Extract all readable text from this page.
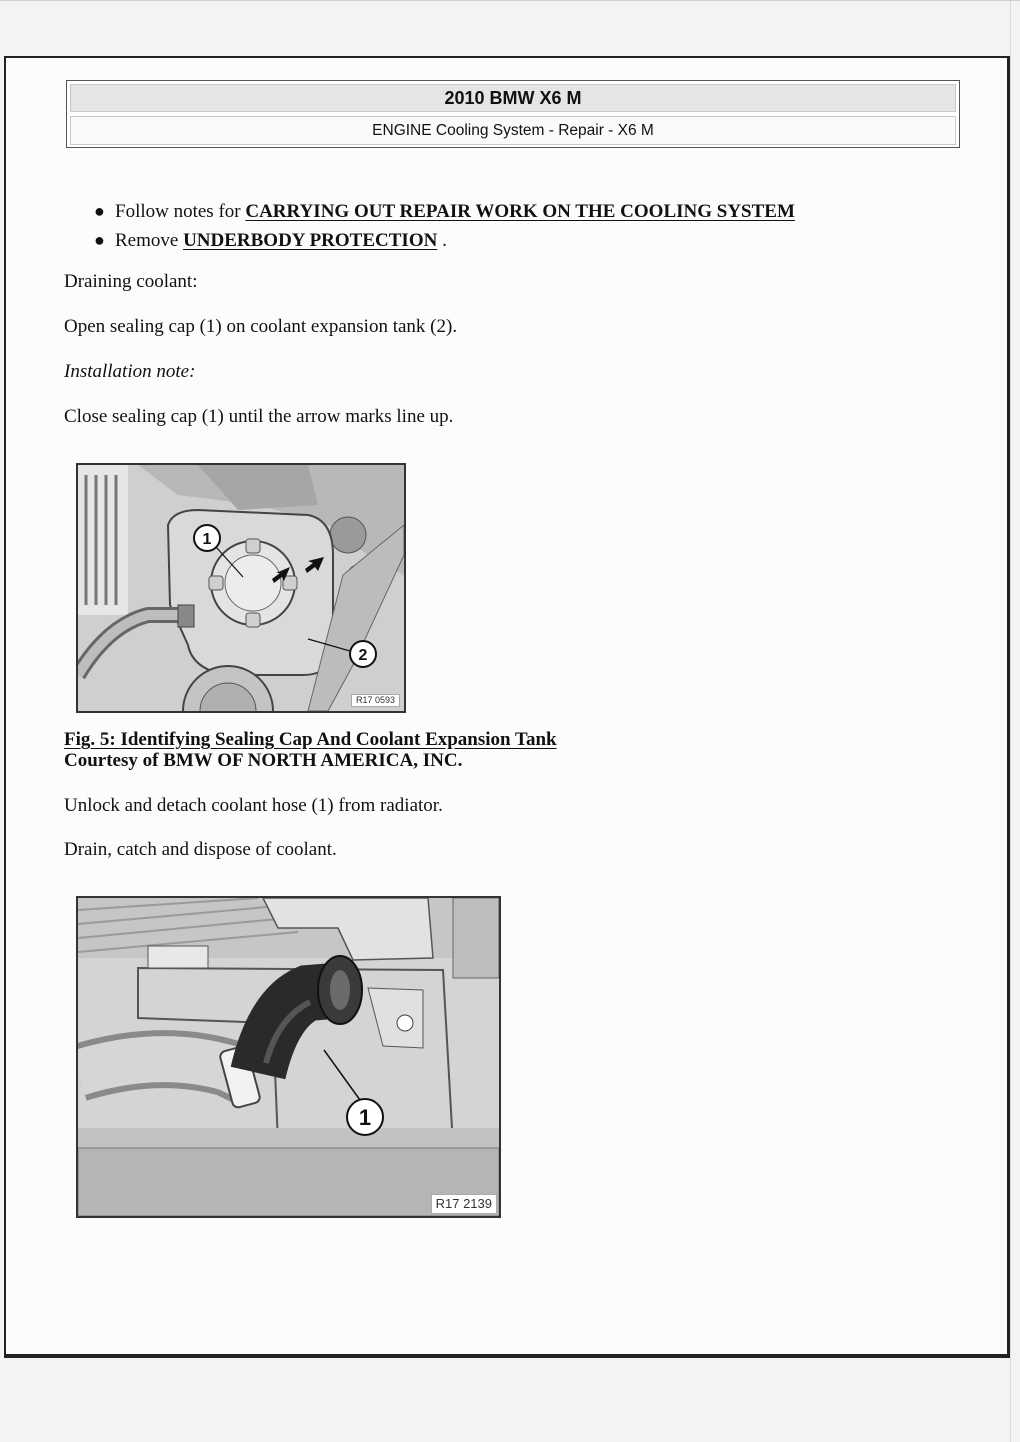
2010 BMW X6 M
ENGINE Cooling System - Repair - X6 M
● Follow notes for CARRYING OUT REPAIR WORK ON THE COOLING SYSTEM
● Remove UNDERBODY PROTECTION .

Draining coolant:

Open sealing cap (1) on coolant expansion tank (2).

Installation note:

Close sealing cap (1) until the arrow marks line up.

1
2
R17 0593
Fig. 5: Identifying Sealing Cap And Coolant Expansion Tank
Courtesy of BMW OF NORTH AMERICA, INC.

Unlock and detach coolant hose (1) from radiator.

Drain, catch and dispose of coolant.

1
R17 2139
